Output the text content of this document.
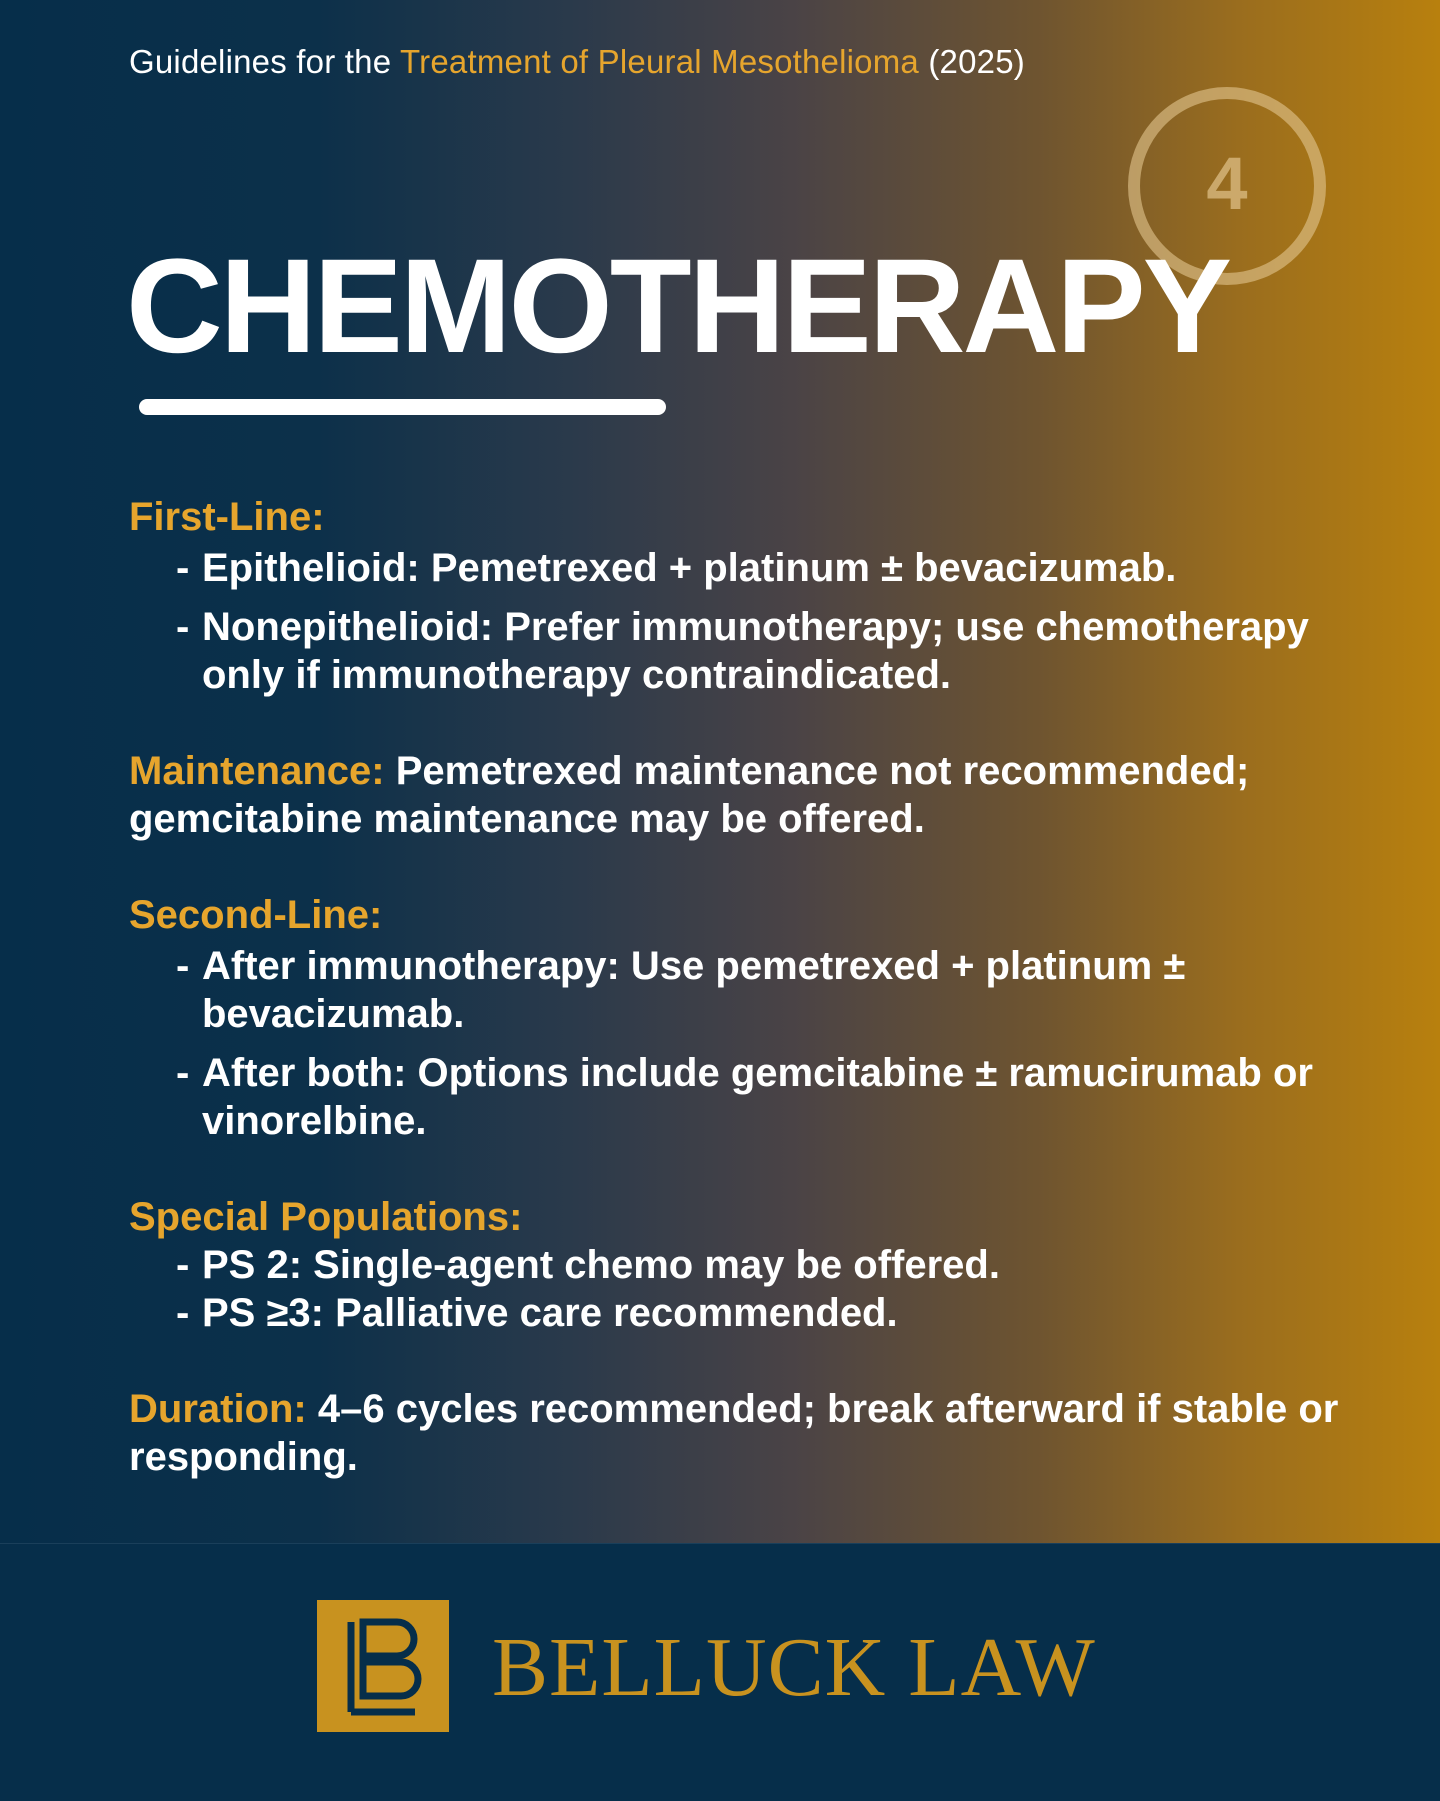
Guidelines for the Treatment of Pleural Mesothelioma (2025)
4
CHEMOTHERAPY
First-Line:
- Epithelioid: Pemetrexed + platinum ± bevacizumab.
- Nonepithelioid: Prefer immunotherapy; use chemotherapy only if immunotherapy contraindicated.
Maintenance: Pemetrexed maintenance not recommended; gemcitabine maintenance may be offered.
Second-Line:
- After immunotherapy: Use pemetrexed + platinum ± bevacizumab.
- After both: Options include gemcitabine ± ramucirumab or vinorelbine.
Special Populations:
- PS 2: Single-agent chemo may be offered.
- PS ≥3: Palliative care recommended.
Duration: 4–6 cycles recommended; break afterward if stable or responding.
BELLUCK LAW
